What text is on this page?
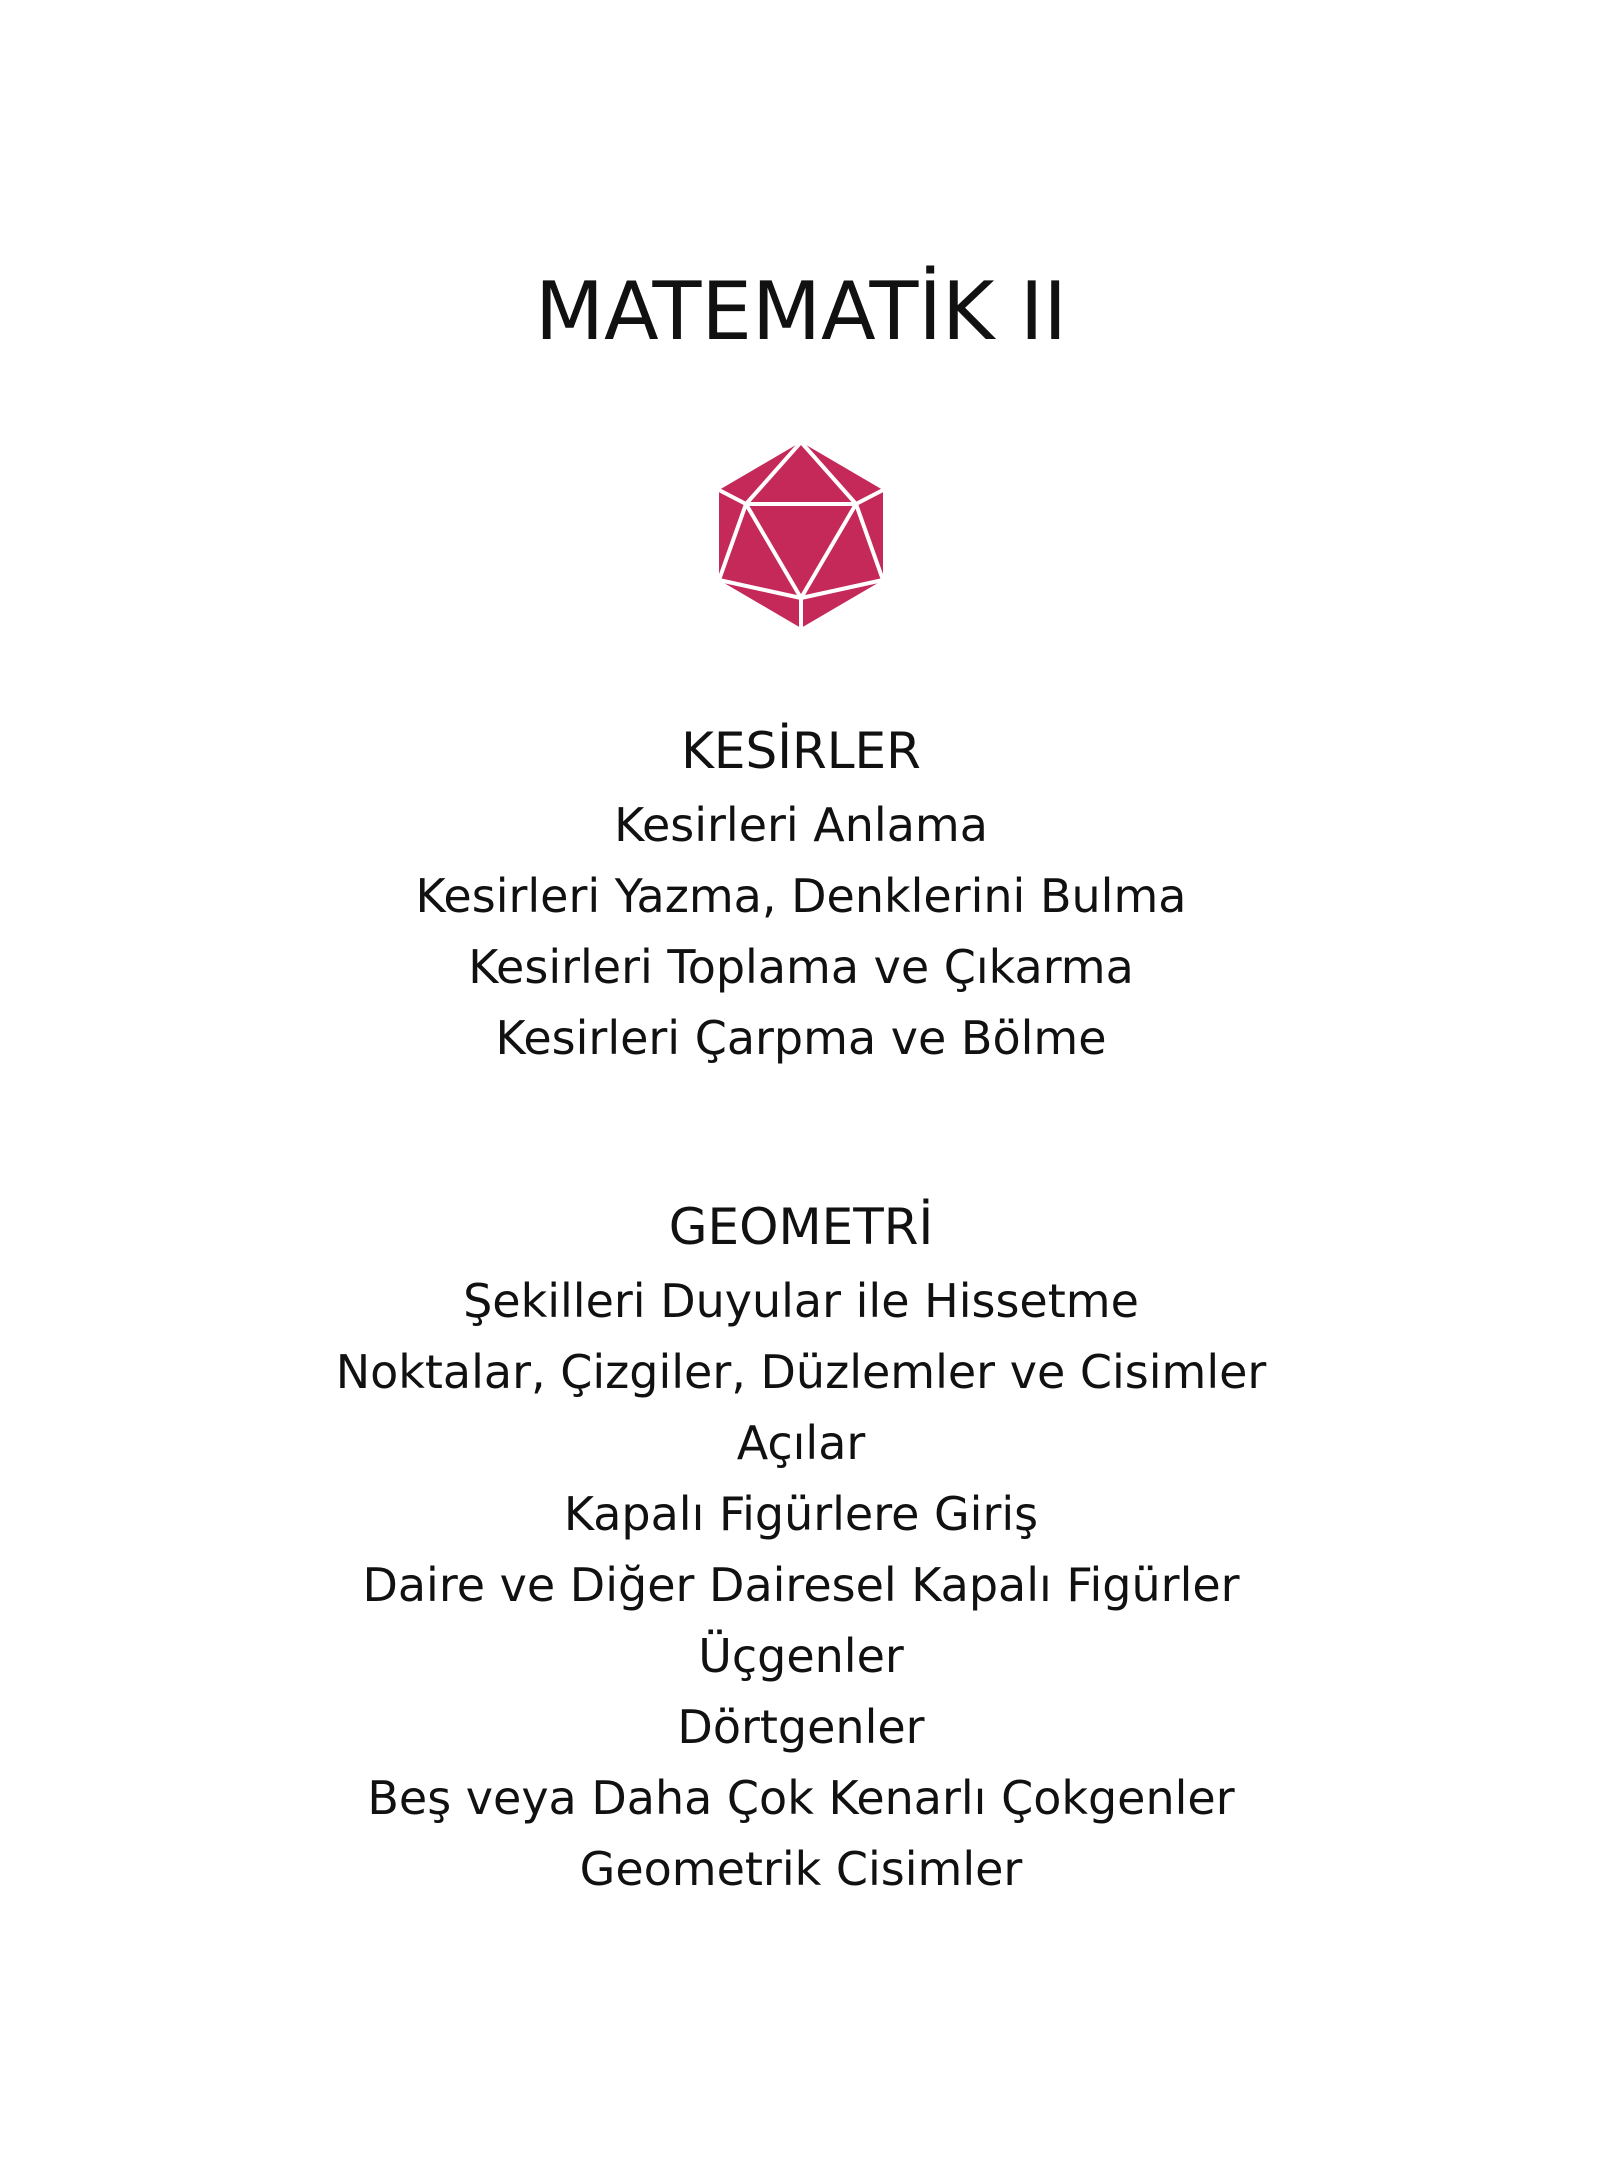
MATEMATİK II
KESİRLER
Kesirleri Anlama
Kesirleri Yazma, Denklerini Bulma
Kesirleri Toplama ve Çıkarma
Kesirleri Çarpma ve Bölme
GEOMETRİ
Şekilleri Duyular ile Hissetme
Noktalar, Çizgiler, Düzlemler ve Cisimler
Açılar
Kapalı Figürlere Giriş
Daire ve Diğer Dairesel Kapalı Figürler
Üçgenler
Dörtgenler
Beş veya Daha Çok Kenarlı Çokgenler
Geometrik Cisimler
